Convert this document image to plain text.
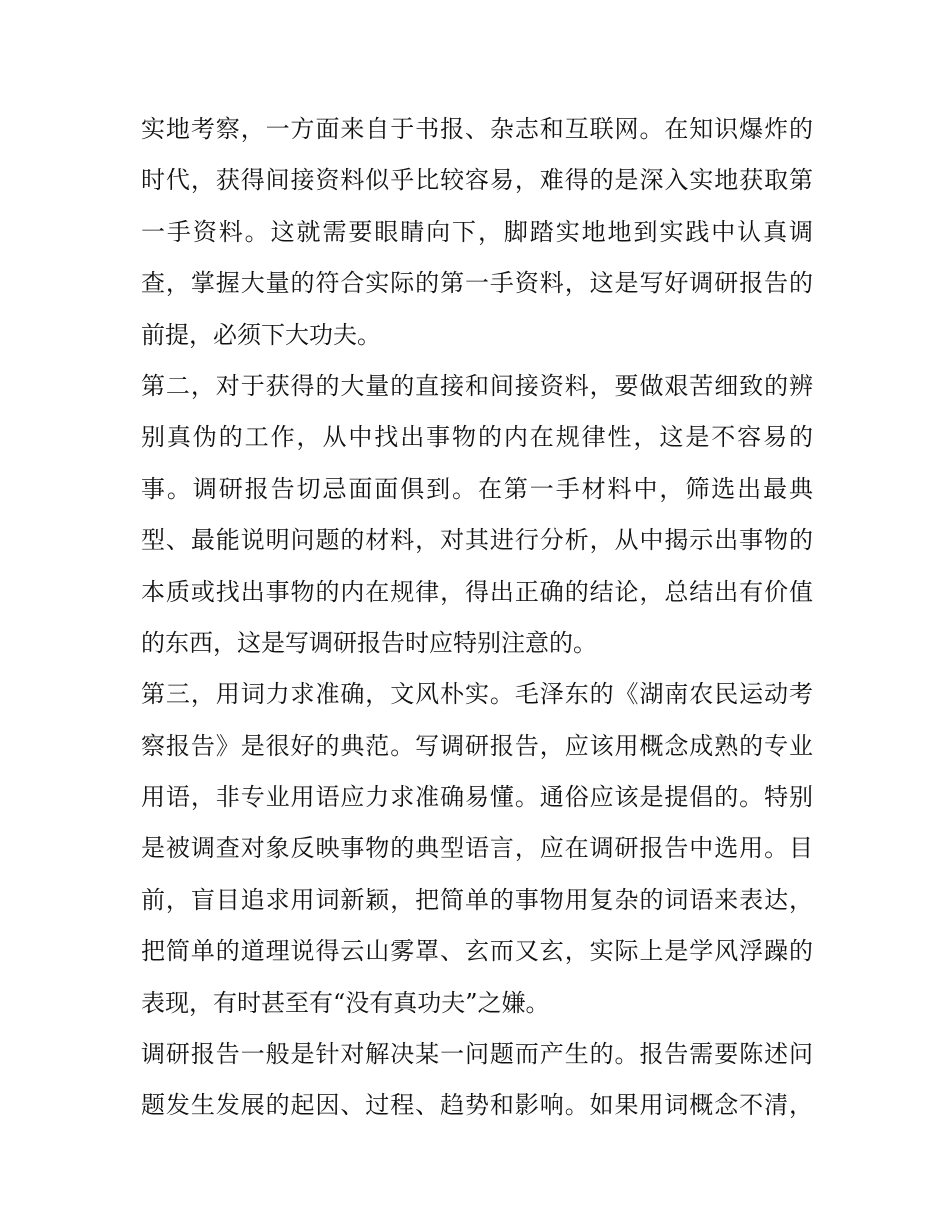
实地考察，一方面来自于书报、杂志和互联网。在知识爆炸的
时代，获得间接资料似乎比较容易，难得的是深入实地获取第
一手资料。这就需要眼睛向下，脚踏实地地到实践中认真调
查，掌握大量的符合实际的第一手资料，这是写好调研报告的
前提，必须下大功夫。
第二，对于获得的大量的直接和间接资料，要做艰苦细致的辨
别真伪的工作，从中找出事物的内在规律性，这是不容易的
事。调研报告切忌面面俱到。在第一手材料中，筛选出最典
型、最能说明问题的材料，对其进行分析，从中揭示出事物的
本质或找出事物的内在规律，得出正确的结论，总结出有价值
的东西，这是写调研报告时应特别注意的。
第三，用词力求准确，文风朴实。毛泽东的《湖南农民运动考
察报告》是很好的典范。写调研报告，应该用概念成熟的专业
用语，非专业用语应力求准确易懂。通俗应该是提倡的。特别
是被调查对象反映事物的典型语言，应在调研报告中选用。目
前，盲目追求用词新颖，把简单的事物用复杂的词语来表达，
把简单的道理说得云山雾罩、玄而又玄，实际上是学风浮躁的
表现，有时甚至有“没有真功夫”之嫌。
调研报告一般是针对解决某一问题而产生的。报告需要陈述问
题发生发展的起因、过程、趋势和影响。如果用词概念不清，
